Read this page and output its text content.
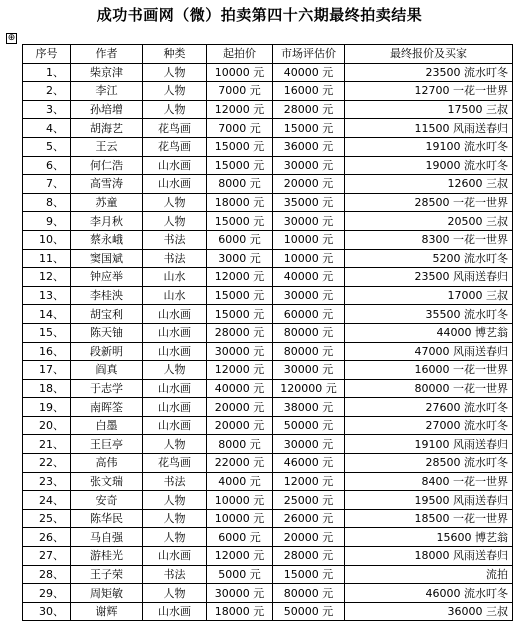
成功书画网（微）拍卖第四十六期最终拍卖结果
⊕
序号	作者	种类	起拍价	市场评估价	最终报价及买家
1、	柴京津	人物	10000 元	40000 元	23500 流水叮冬
2、	李江	人物	7000 元	16000 元	12700 一花一世界
3、	孙培增	人物	12000 元	28000 元	17500 三叔
4、	胡海艺	花鸟画	7000 元	15000 元	11500 风雨送春归
5、	王云	花鸟画	15000 元	36000 元	19100 流水叮冬
6、	何仁浩	山水画	15000 元	30000 元	19000 流水叮冬
7、	高雪涛	山水画	8000 元	20000 元	12600 三叔
8、	苏童	人物	18000 元	35000 元	28500 一花一世界
9、	李月秋	人物	15000 元	30000 元	20500 三叔
10、	蔡永峨	书法	6000 元	10000 元	8300 一花一世界
11、	窦国斌	书法	3000 元	10000 元	5200 流水叮冬
12、	钟应举	山水	12000 元	40000 元	23500 风雨送春归
13、	李桂泱	山水	15000 元	30000 元	17000 三叔
14、	胡宝利	山水画	15000 元	60000 元	35500 流水叮冬
15、	陈天铀	山水画	28000 元	80000 元	44000 博艺翁
16、	段新明	山水画	30000 元	80000 元	47000 风雨送春归
17、	阎真	人物	12000 元	30000 元	16000 一花一世界
18、	于志学	山水画	40000 元	120000 元	80000 一花一世界
19、	南晖筌	山水画	20000 元	38000 元	27600 流水叮冬
20、	白墨	山水画	20000 元	50000 元	27000 流水叮冬
21、	王巨亭	人物	8000 元	30000 元	19100 风雨送春归
22、	高伟	花鸟画	22000 元	46000 元	28500 流水叮冬
23、	张文瑞	书法	4000 元	12000 元	8400 一花一世界
24、	安奇	人物	10000 元	25000 元	19500 风雨送春归
25、	陈华民	人物	10000 元	26000 元	18500 一花一世界
26、	马自强	人物	6000 元	20000 元	15600 博艺翁
27、	游桂光	山水画	12000 元	28000 元	18000 风雨送春归
28、	王子荣	书法	5000 元	15000 元	流拍
29、	周矩敏	人物	30000 元	80000 元	46000 流水叮冬
30、	谢辉	山水画	18000 元	50000 元	36000 三叔
